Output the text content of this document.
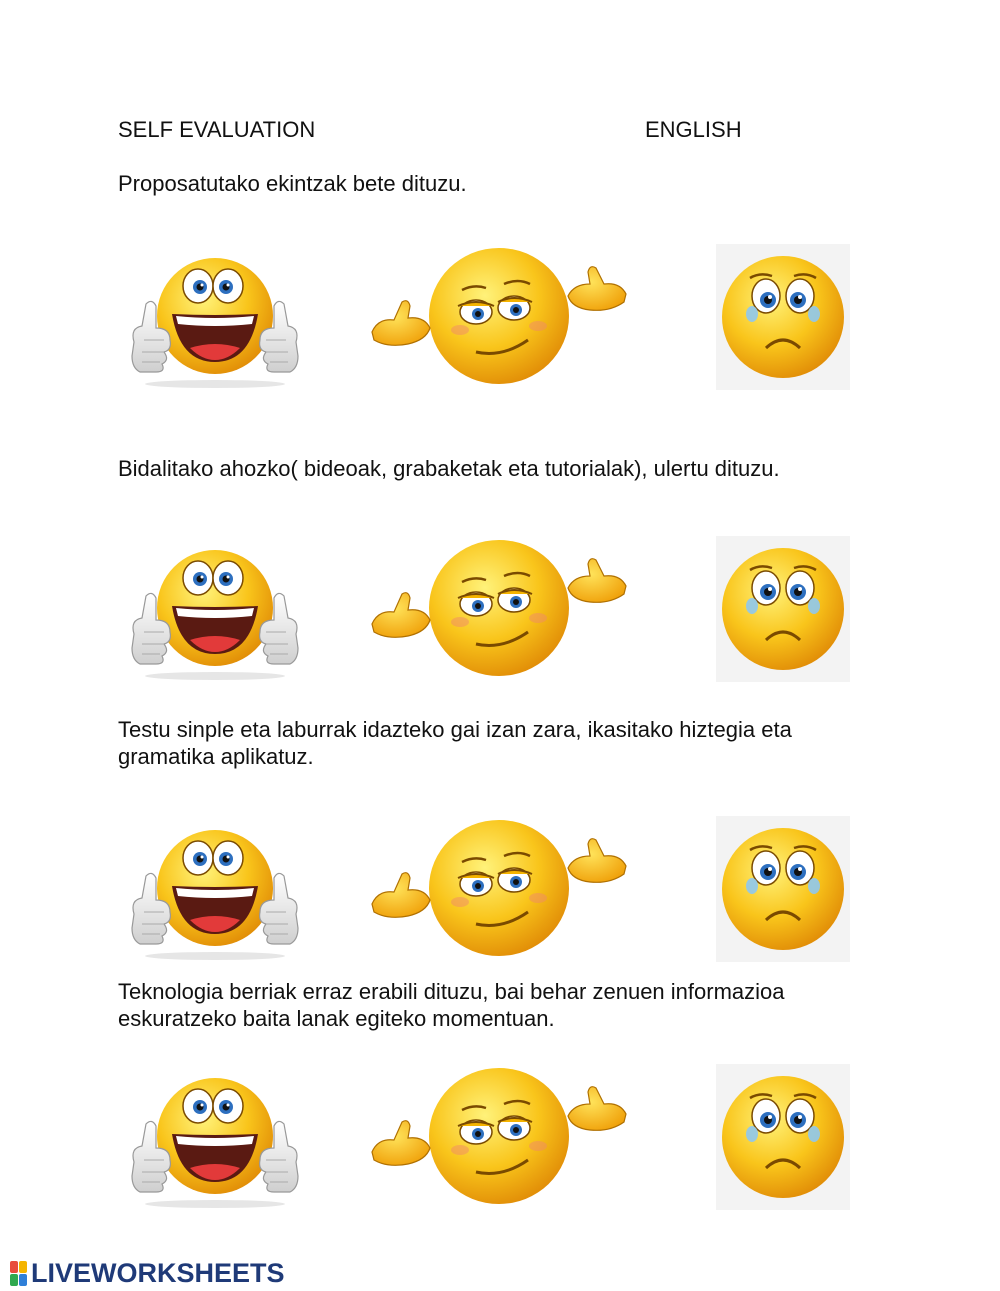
SELF EVALUATION	ENGLISH
Proposatutako ekintzak bete dituzu.
Bidalitako ahozko( bideoak, grabaketak eta tutorialak), ulertu dituzu.
Testu sinple eta laburrak idazteko gai izan zara, ikasitako hiztegia eta
gramatika aplikatuz.
Teknologia berriak erraz erabili dituzu, bai behar zenuen informazioa
eskuratzeko baita lanak egiteko momentuan.
LIVEWORKSHEETS
